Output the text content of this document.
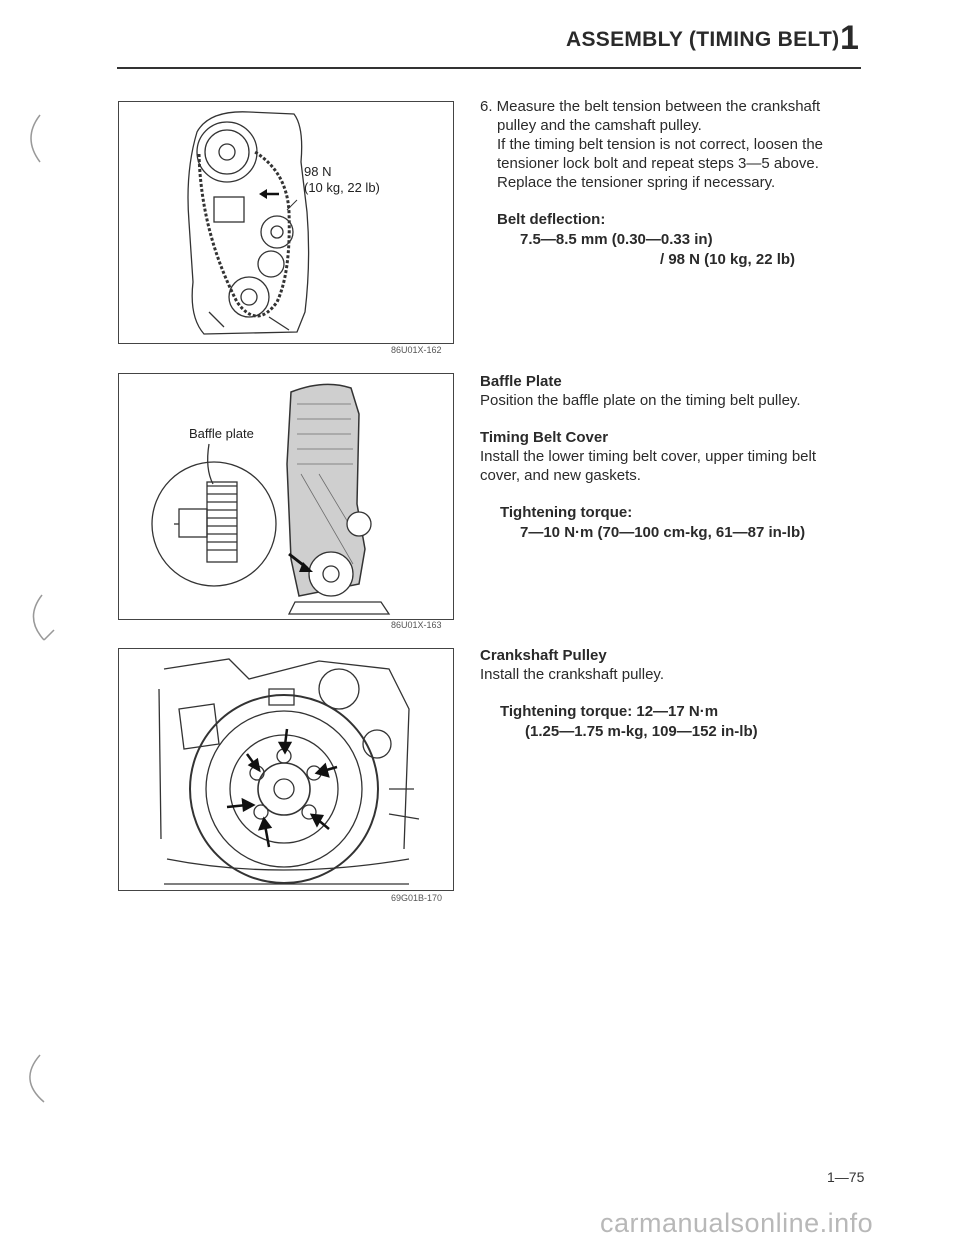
ASSEMBLY (TIMING BELT) 1
98 N
(10 kg, 22 lb)
86U01X-162
Baffle plate
86U01X-163
69G01B-170

6. Measure the belt tension between the crankshaft

pulley and the camshaft pulley.

If the timing belt tension is not correct, loosen the

tensioner lock bolt and repeat steps 3—5 above.

Replace the tensioner spring if necessary.

Belt deflection:

7.5—8.5 mm (0.30—0.33 in)

/ 98 N (10 kg, 22 lb)

Baffle Plate

Position the baffle plate on the timing belt pulley.

Timing Belt Cover

Install the lower timing belt cover, upper timing belt

cover, and new gaskets.

Tightening torque:

7—10 N·m (70—100 cm-kg, 61—87 in-lb)

Crankshaft Pulley

Install the crankshaft pulley.

Tightening torque: 12—17 N·m

(1.25—1.75 m-kg, 109—152 in-lb)

1—75
carmanualsonline.info
